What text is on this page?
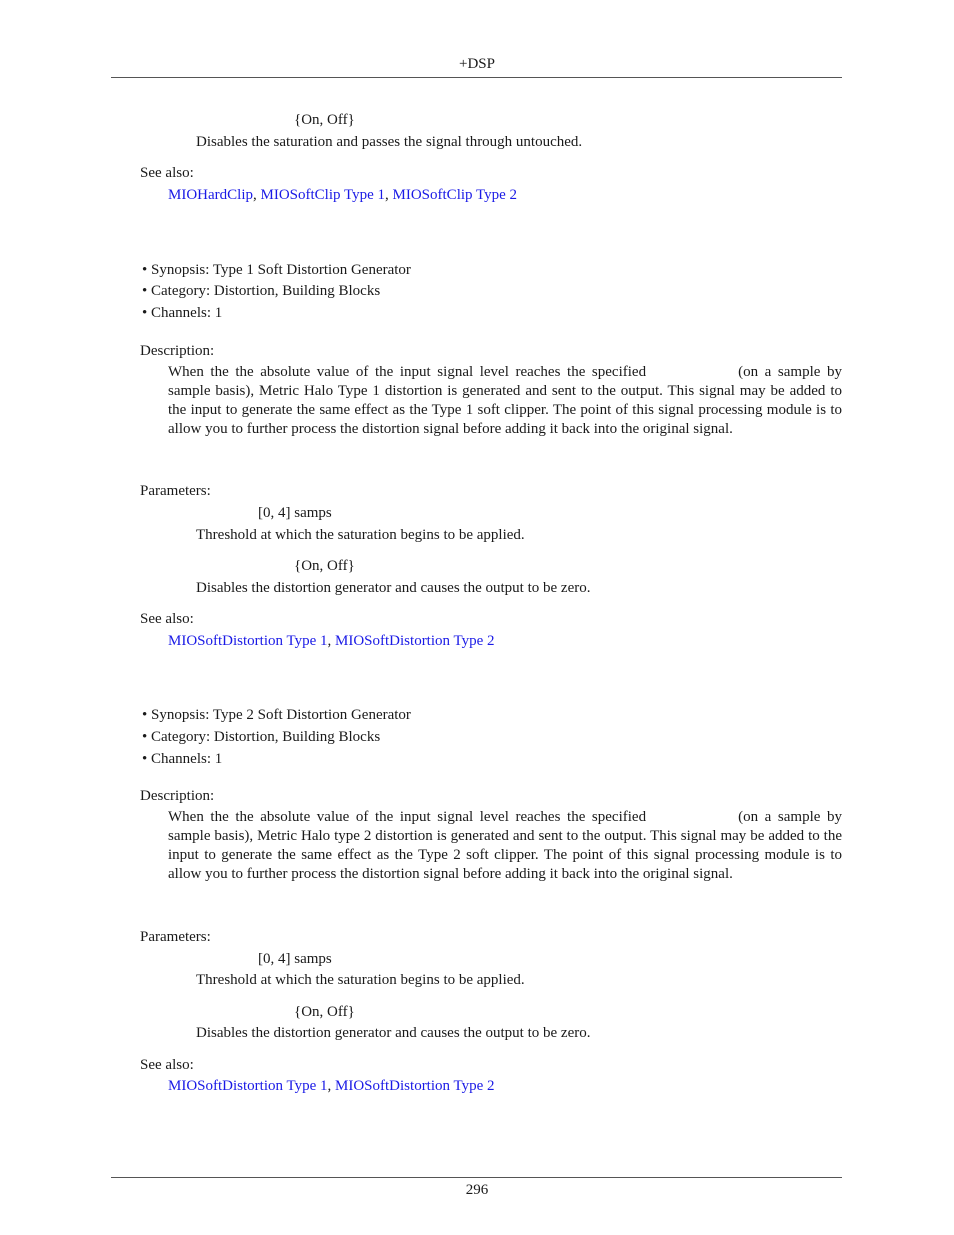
+DSP
{On, Off}
Disables the saturation and passes the signal through untouched.
See also:
MIOHardClip, MIOSoftClip Type 1, MIOSoftClip Type 2
• Synopsis: Type 1 Soft Distortion Generator
• Category: Distortion, Building Blocks
• Channels: 1
Description:
When the the absolute value of the input signal level reaches the specified	(on a sample by sample basis), Metric Halo Type 1 distortion is generated and sent to the output. This signal may be added to the input to generate the same effect as the Type 1 soft clipper. The point of this signal processing module is to allow you to further process the distortion signal before adding it back into the original signal.
Parameters:
[0, 4] samps
Threshold at which the saturation begins to be applied.
{On, Off}
Disables the distortion generator and causes the output to be zero.
See also:
MIOSoftDistortion Type 1, MIOSoftDistortion Type 2
• Synopsis: Type 2 Soft Distortion Generator
• Category: Distortion, Building Blocks
• Channels: 1
Description:
When the the absolute value of the input signal level reaches the specified	(on a sample by sample basis), Metric Halo type 2 distortion is generated and sent to the output. This signal may be added to the input to generate the same effect as the Type 2 soft clipper. The point of this signal processing module is to allow you to further process the distortion signal before adding it back into the original signal.
Parameters:
[0, 4] samps
Threshold at which the saturation begins to be applied.
{On, Off}
Disables the distortion generator and causes the output to be zero.
See also:
MIOSoftDistortion Type 1, MIOSoftDistortion Type 2
296
